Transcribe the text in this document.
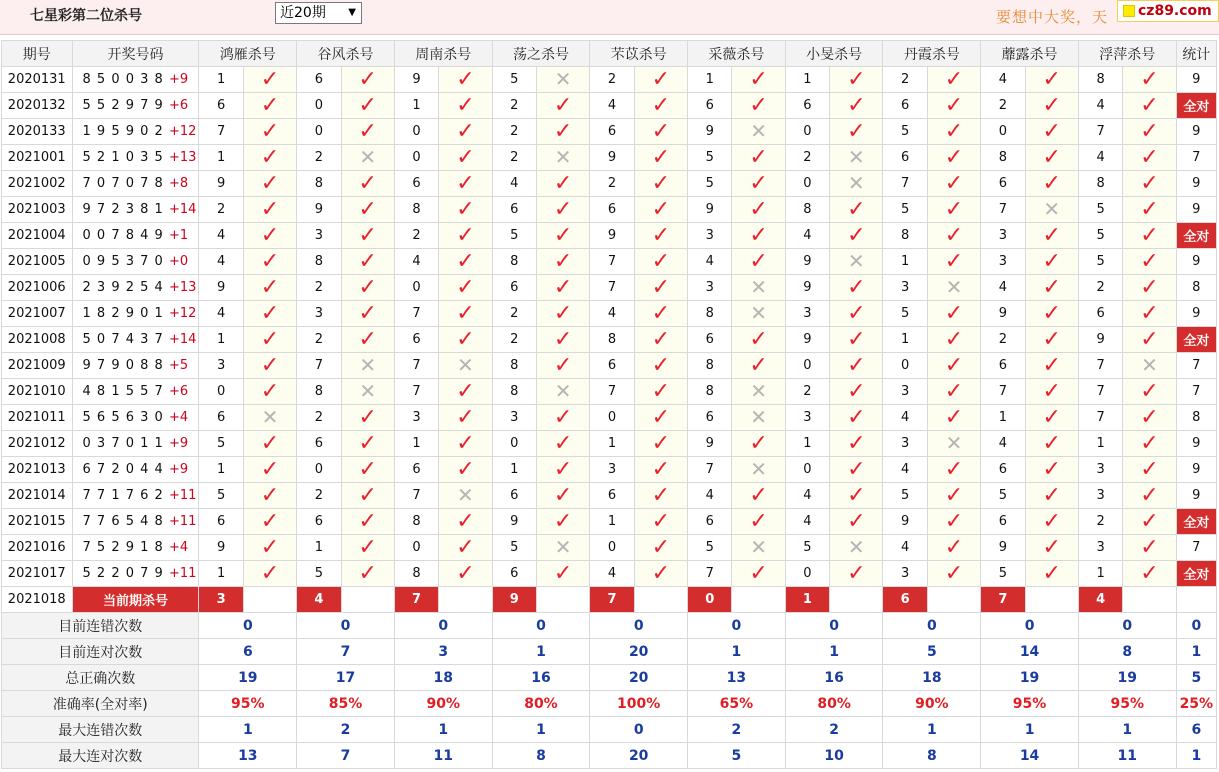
七星彩第二位杀号	近20期 ▼	要想中大奖，天	cz89.com
期号	开奖号码	鸿雁杀号		谷风杀号		周南杀号		荡之杀号		芣苡杀号		采薇杀号		小旻杀号		丹霞杀号		蘼露杀号		浮萍杀号		统计
2020131	8 5 0 0 3 8 +9	1	✓	6	✓	9	✓	5	✕	2	✓	1	✓	1	✓	2	✓	4	✓	8	✓	9
2020132	5 5 2 9 7 9 +6	6	✓	0	✓	1	✓	2	✓	4	✓	6	✓	6	✓	6	✓	2	✓	4	✓	全对
2020133	1 9 5 9 0 2 +12	7	✓	0	✓	0	✓	2	✓	6	✓	9	✕	0	✓	5	✓	0	✓	7	✓	9
2021001	5 2 1 0 3 5 +13	1	✓	2	✕	0	✓	2	✕	9	✓	5	✓	2	✕	6	✓	8	✓	4	✓	7
2021002	7 0 7 0 7 8 +8	9	✓	8	✓	6	✓	4	✓	2	✓	5	✓	0	✕	7	✓	6	✓	8	✓	9
2021003	9 7 2 3 8 1 +14	2	✓	9	✓	8	✓	6	✓	6	✓	9	✓	8	✓	5	✓	7	✕	5	✓	9
2021004	0 0 7 8 4 9 +1	4	✓	3	✓	2	✓	5	✓	9	✓	3	✓	4	✓	8	✓	3	✓	5	✓	全对
2021005	0 9 5 3 7 0 +0	4	✓	8	✓	4	✓	8	✓	7	✓	4	✓	9	✕	1	✓	3	✓	5	✓	9
2021006	2 3 9 2 5 4 +13	9	✓	2	✓	0	✓	6	✓	7	✓	3	✕	9	✓	3	✕	4	✓	2	✓	8
2021007	1 8 2 9 0 1 +12	4	✓	3	✓	7	✓	2	✓	4	✓	8	✕	3	✓	5	✓	9	✓	6	✓	9
2021008	5 0 7 4 3 7 +14	1	✓	2	✓	6	✓	2	✓	8	✓	6	✓	9	✓	1	✓	2	✓	9	✓	全对
2021009	9 7 9 0 8 8 +5	3	✓	7	✕	7	✕	8	✓	6	✓	8	✓	0	✓	0	✓	6	✓	7	✕	7
2021010	4 8 1 5 5 7 +6	0	✓	8	✕	7	✓	8	✕	7	✓	8	✕	2	✓	3	✓	7	✓	7	✓	7
2021011	5 6 5 6 3 0 +4	6	✕	2	✓	3	✓	3	✓	0	✓	6	✕	3	✓	4	✓	1	✓	7	✓	8
2021012	0 3 7 0 1 1 +9	5	✓	6	✓	1	✓	0	✓	1	✓	9	✓	1	✓	3	✕	4	✓	1	✓	9
2021013	6 7 2 0 4 4 +9	1	✓	0	✓	6	✓	1	✓	3	✓	7	✕	0	✓	4	✓	6	✓	3	✓	9
2021014	7 7 1 7 6 2 +11	5	✓	2	✓	7	✕	6	✓	6	✓	4	✓	4	✓	5	✓	5	✓	3	✓	9
2021015	7 7 6 5 4 8 +11	6	✓	6	✓	8	✓	9	✓	1	✓	6	✓	4	✓	9	✓	6	✓	2	✓	全对
2021016	7 5 2 9 1 8 +4	9	✓	1	✓	0	✓	5	✕	0	✓	5	✕	5	✕	4	✓	9	✓	3	✓	7
2021017	5 2 2 0 7 9 +11	1	✓	5	✓	8	✓	6	✓	4	✓	7	✓	0	✓	3	✓	5	✓	1	✓	全对
2021018	当前期杀号	3		4		7		9		7		0		1		6		7		4		
目前连错次数		0		0		0		0		0		0		0		0		0		0		0
目前连对次数		6		7		3		1		20		1		1		5		14		8		1
总正确次数		19		17		18		16		20		13		16		18		19		19		5
准确率(全对率)		95%		85%		90%		80%		100%		65%		80%		90%		95%		95%		25%
最大连错次数		1		2		1		1		0		2		2		1		1		1		6
最大连对次数		13		7		11		8		20		5		10		8		14		11		1
